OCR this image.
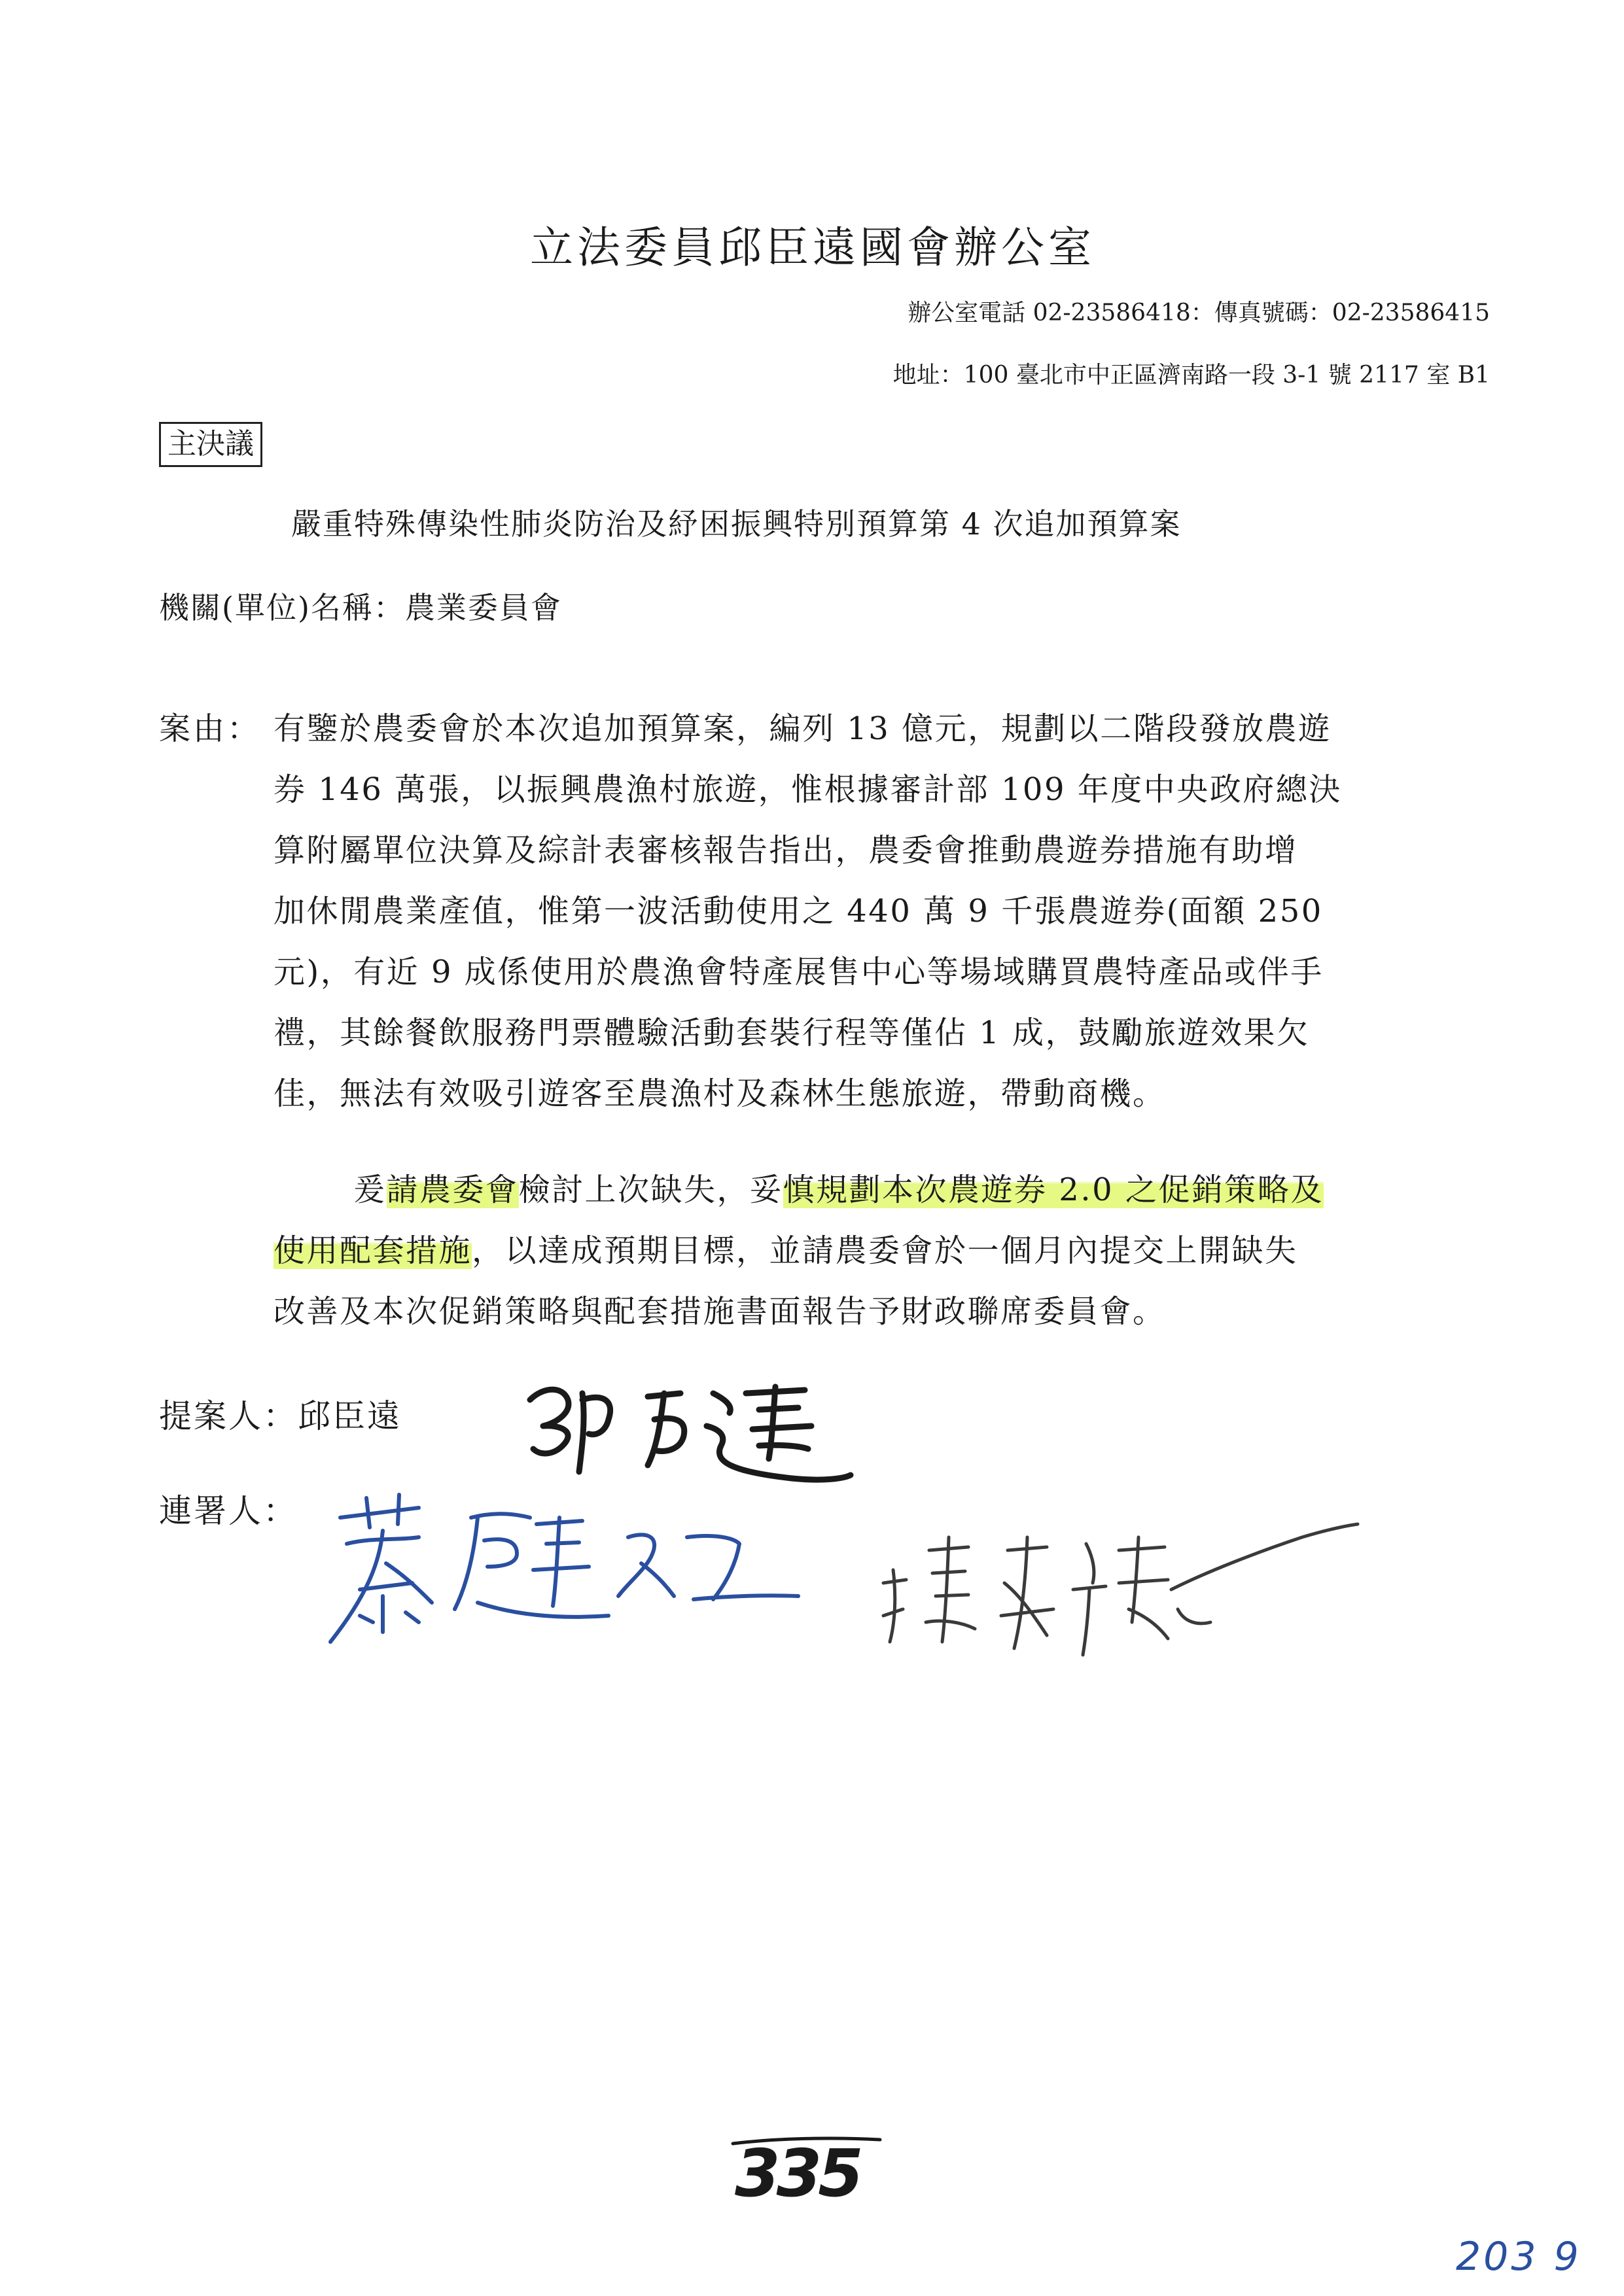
立法委員邱臣遠國會辦公室
辦公室電話 02-23586418：傳真號碼：02-23586415
地址：100 臺北市中正區濟南路一段 3-1 號 2117 室 B1
主決議
嚴重特殊傳染性肺炎防治及紓困振興特別預算第 4 次追加預算案
機關(單位)名稱：農業委員會
案由： 有鑒於農委會於本次追加預算案，編列 13 億元，規劃以二階段發放農遊
券 146 萬張，以振興農漁村旅遊，惟根據審計部 109 年度中央政府總決
算附屬單位決算及綜計表審核報告指出，農委會推動農遊券措施有助增
加休閒農業產值，惟第一波活動使用之 440 萬 9 千張農遊券(面額 250
元)，有近 9 成係使用於農漁會特產展售中心等場域購買農特產品或伴手
禮，其餘餐飲服務門票體驗活動套裝行程等僅佔 1 成，鼓勵旅遊效果欠
佳，無法有效吸引遊客至農漁村及森林生態旅遊，帶動商機。
爰請農委會檢討上次缺失，妥慎規劃本次農遊券 2.0 之促銷策略及
使用配套措施，以達成預期目標，並請農委會於一個月內提交上開缺失
改善及本次促銷策略與配套措施書面報告予財政聯席委員會。
提案人：邱臣遠
連署人：
335
203 9
